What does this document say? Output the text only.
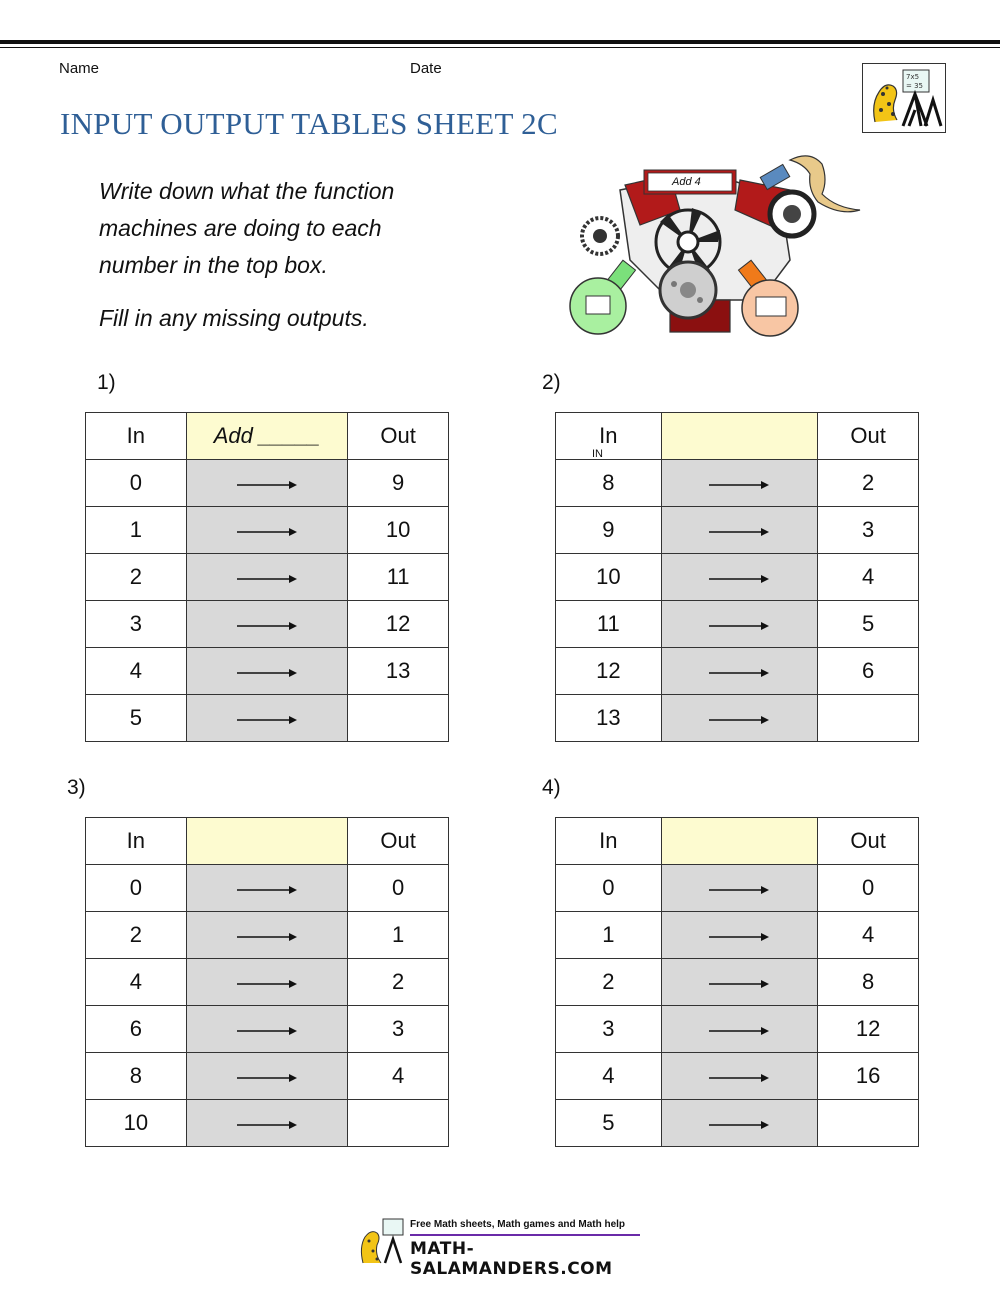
Name	Date
INPUT OUTPUT TABLES SHEET 2C
7x5
= 35
Write down what the function
machines are doing to each
number in the top box.
Fill in any missing outputs.
Add 4
IN
1)	2)
3)	4)
In	Add _____	Out
0		9
1		10
2		11
3		12
4		13
5		
In		Out
8		2
9		3
10		4
11		5
12		6
13		
In		Out
0		0
2		1
4		2
6		3
8		4
10		
In		Out
0		0
1		4
2		8
3		12
4		16
5		
Free Math sheets, Math games and Math help
MATH-SALAMANDERS.COM
